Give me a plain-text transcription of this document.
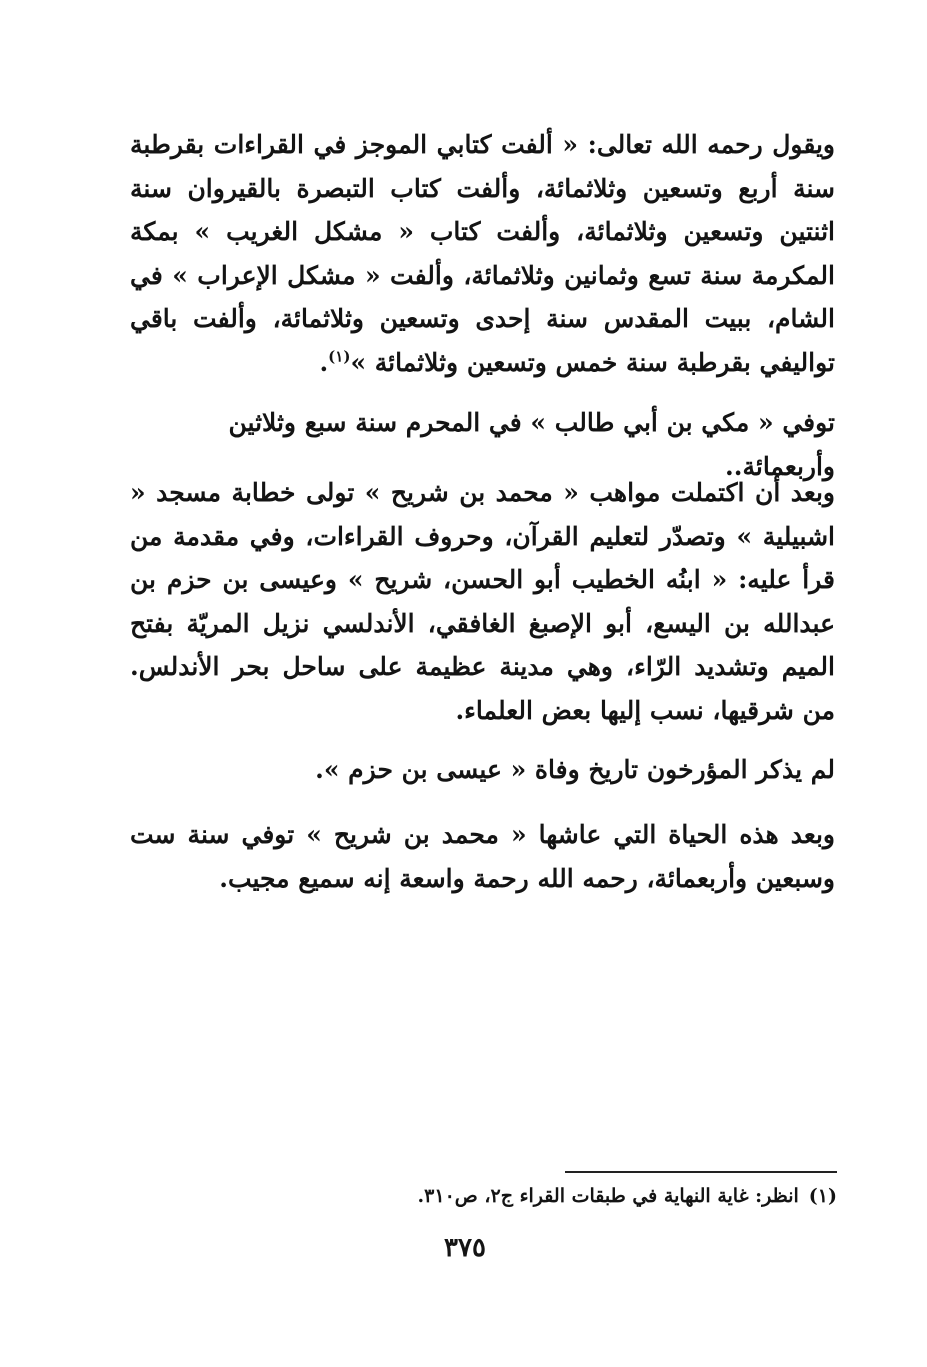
ويقول رحمه الله تعالى: « ألفت كتابي الموجز في القراءات بقرطبة سنة أربع وتسعين وثلاثمائة، وألفت كتاب التبصرة بالقيروان سنة اثنتين وتسعين وثلاثمائة، وألفت كتاب « مشكل الغريب » بمكة المكرمة سنة تسع وثمانين وثلاثمائة، وألفت « مشكل الإعراب » في الشام، ببيت المقدس سنة إحدى وتسعين وثلاثمائة، وألفت باقي تواليفي بقرطبة سنة خمس وتسعين وثلاثمائة »$^{(١)}$.

توفي « مكي بن أبي طالب » في المحرم سنة سبع وثلاثين وأربعمائة..

وبعد أن اكتملت مواهب « محمد بن شريح » تولى خطابة مسجد « اشبيلية » وتصدّر لتعليم القرآن، وحروف القراءات، وفي مقدمة من قرأ عليه: « ابنُه الخطيب أبو الحسن، شريح » وعيسى بن حزم بن عبدالله بن اليسع، أبو الإصبغ الغافقي، الأندلسي نزيل المريّة بفتح الميم وتشديد الرّاء، وهي مدينة عظيمة على ساحل بحر الأندلس. من شرقيها، نسب إليها بعض العلماء.

لم يذكر المؤرخون تاريخ وفاة « عيسى بن حزم ».

وبعد هذه الحياة التي عاشها « محمد بن شريح » توفي سنة ست وسبعين وأربعمائة، رحمه الله رحمة واسعة إنه سميع مجيب.

(١)انظر: غاية النهاية في طبقات القراء ج٢، ص٣١٠.

٣٧٥
